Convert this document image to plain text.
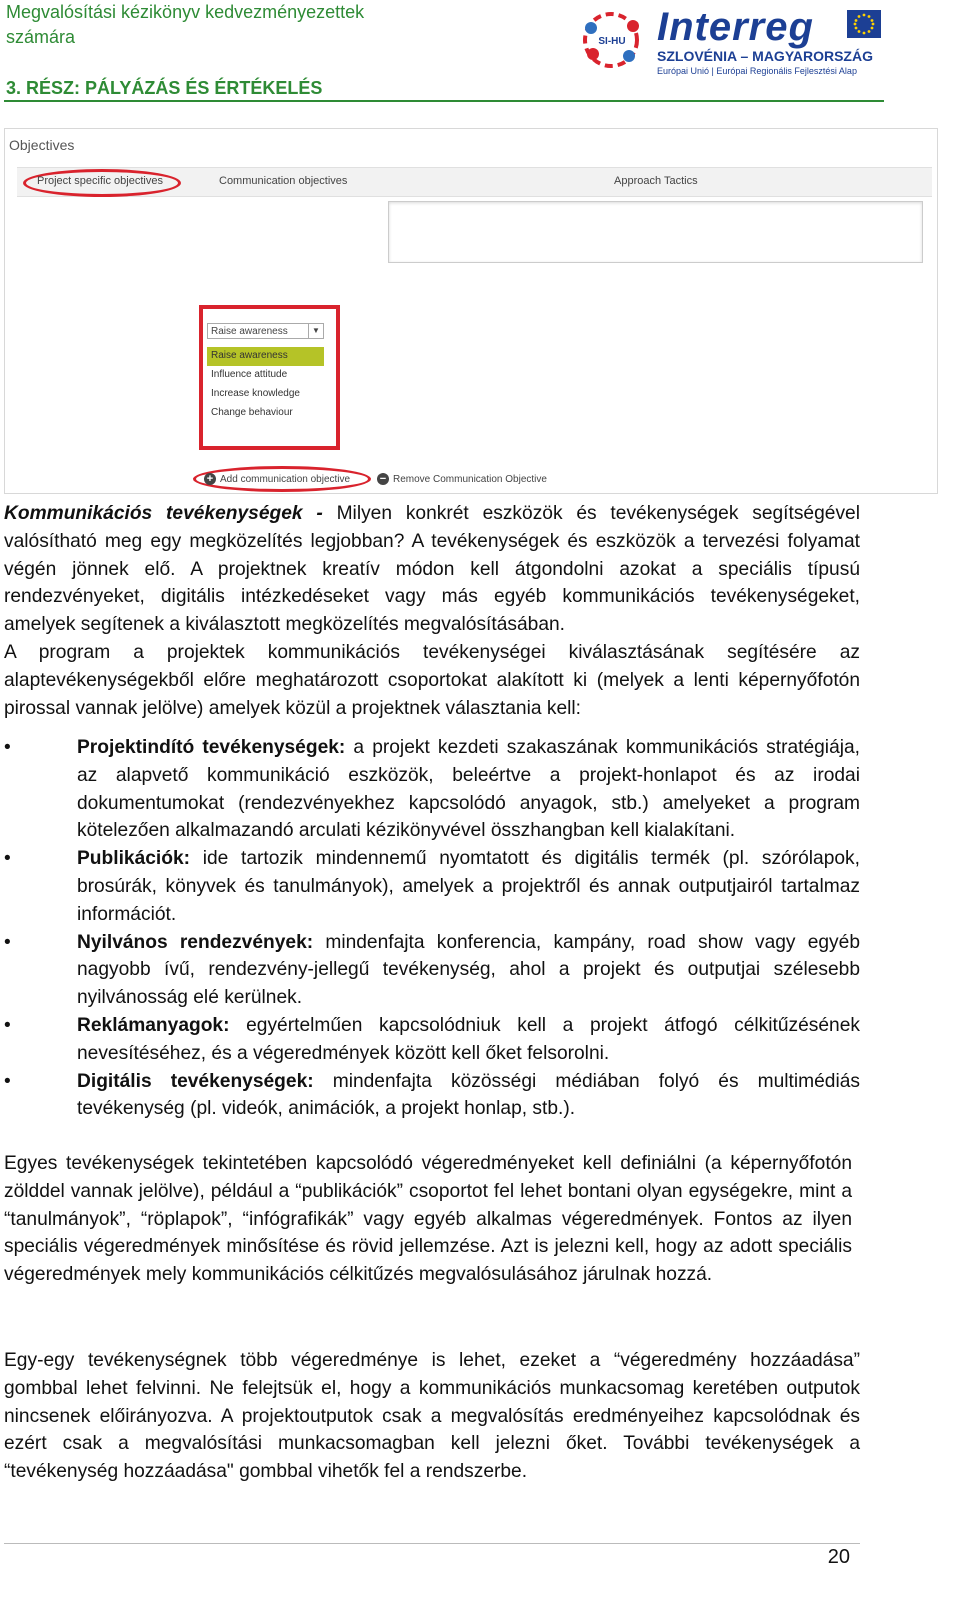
Megvalósítási kézikönyv kedvezményezettek számára
3. RÉSZ: PÁLYÁZÁS ÉS ÉRTÉKELÉS
SI-HU Interreg
SZLOVÉNIA – MAGYARORSZÁG
Európai Unió | Európai Regionális Fejlesztési Alap
Objectives
Project specific objectives	Communication objectives	Approach Tactics
Raise awareness	▼
Raise awareness
Influence attitude
Increase knowledge
Change behaviour
+ Add communication objective	− Remove Communication Objective
Kommunikációs tevékenységek - Milyen konkrét eszközök és tevékenységek segítségével valósítható meg egy megközelítés legjobban? A tevékenységek és eszközök a tervezési folyamat végén jönnek elő. A projektnek kreatív módon kell átgondolni azokat a speciális típusú rendezvényeket, digitális intézkedéseket vagy más egyéb kommunikációs tevékenységeket, amelyek segítenek a kiválasztott megközelítés megvalósításában.
A program a projektek kommunikációs tevékenységei kiválasztásának segítésére az alaptevékenységekből előre meghatározott csoportokat alakított ki (melyek a lenti képernyőfotón pirossal vannak jelölve) amelyek közül a projektnek választania kell:
•	Projektindító tevékenységek: a projekt kezdeti szakaszának kommunikációs stratégiája, az alapvető kommunikáció eszközök, beleértve a projekt-honlapot és az irodai dokumentumokat (rendezvényekhez kapcsolódó anyagok, stb.) amelyeket a program kötelezően alkalmazandó arculati kézikönyvével összhangban kell kialakítani.
•	Publikációk: ide tartozik mindennemű nyomtatott és digitális termék (pl. szórólapok, brosúrák, könyvek és tanulmányok), amelyek a projektről és annak outputjairól tartalmaz információt.
•	Nyilvános rendezvények: mindenfajta konferencia, kampány, road show vagy egyéb nagyobb ívű, rendezvény-jellegű tevékenység, ahol a projekt és outputjai szélesebb nyilvánosság elé kerülnek.
•	Reklámanyagok: egyértelműen kapcsolódniuk kell a projekt átfogó célkitűzésének nevesítéséhez, és a végeredmények között kell őket felsorolni.
•	Digitális tevékenységek: mindenfajta közösségi médiában folyó és multimédiás tevékenység (pl. videók, animációk, a projekt honlap, stb.).
Egyes tevékenységek tekintetében kapcsolódó végeredményeket kell definiálni (a képernyőfotón zölddel vannak jelölve), például a “publikációk” csoportot fel lehet bontani olyan egységekre, mint a “tanulmányok”, “röplapok”, “infógrafikák” vagy egyéb alkalmas végeredmények. Fontos az ilyen speciális végeredmények minősítése és rövid jellemzése. Azt is jelezni kell, hogy az adott speciális végeredmények mely kommunikációs célkitűzés megvalósulásához járulnak hozzá.
Egy-egy tevékenységnek több végeredménye is lehet, ezeket a “végeredmény hozzáadása” gombbal lehet felvinni. Ne felejtsük el, hogy a kommunikációs munkacsomag keretében outputok nincsenek előirányozva. A projektoutputok csak a megvalósítás eredményeihez kapcsolódnak és ezért csak a megvalósítási munkacsomagban kell jelezni őket. További tevékenységek a “tevékenység hozzáadása" gombbal vihetők fel a rendszerbe.
20
